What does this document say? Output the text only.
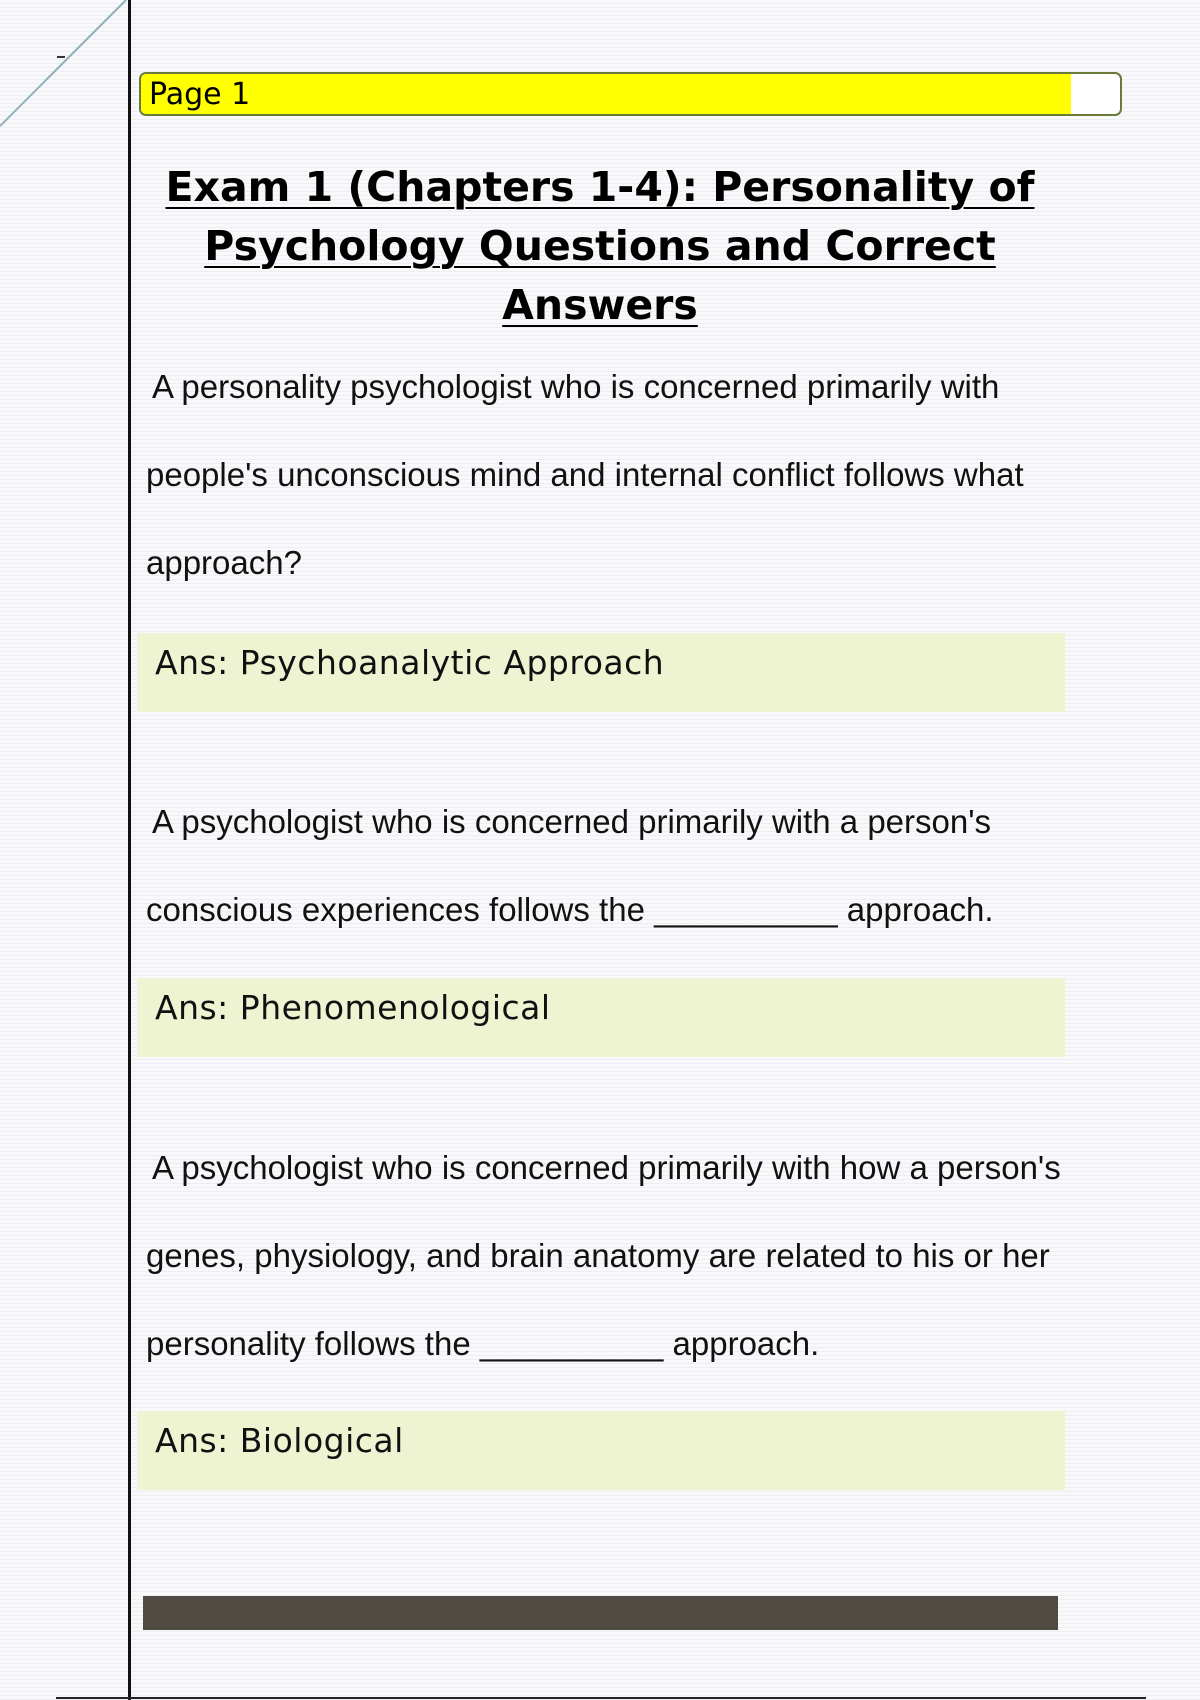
Page 1
Exam 1 (Chapters 1-4): Personality of Psychology Questions and Correct Answers

A personality psychologist who is concerned primarily with people's unconscious mind and internal conflict follows what approach?

Ans: Psychoanalytic Approach

A psychologist who is concerned primarily with a person's conscious experiences follows the __________ approach.

Ans: Phenomenological

A psychologist who is concerned primarily with how a person's genes, physiology, and brain anatomy are related to his or her personality follows the __________ approach.

Ans: Biological
